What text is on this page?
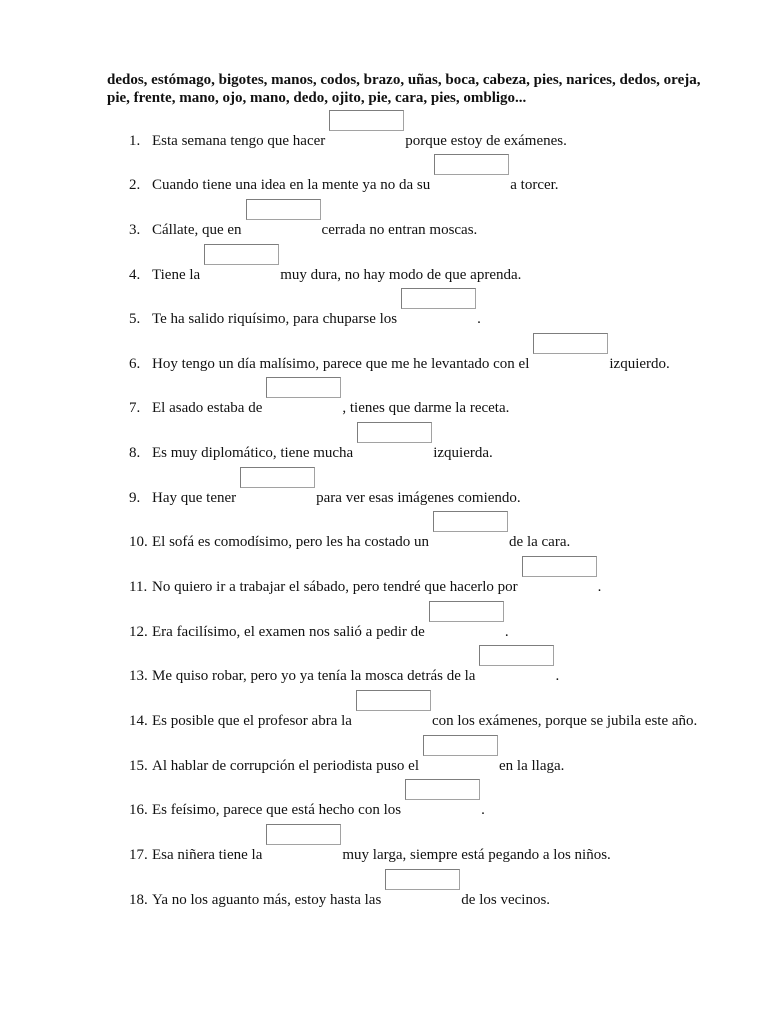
dedos, estómago, bigotes, manos, codos, brazo, uñas, boca, cabeza, pies, narices, dedos, oreja,
pie, frente, mano, ojo, mano, dedo, ojito, pie, cara, pies, ombligo...
1. Esta semana tengo que hacer	porque estoy de exámenes.
2. Cuando tiene una idea en la mente ya no da su	a torcer.
3. Cállate, que en	cerrada no entran moscas.
4. Tiene la	muy dura, no hay modo de que aprenda.
5. Te ha salido riquísimo, para chuparse los	.
6. Hoy tengo un día malísimo, parece que me he levantado con el	izquierdo.
7. El asado estaba de	, tienes que darme la receta.
8. Es muy diplomático, tiene mucha	izquierda.
9. Hay que tener	para ver esas imágenes comiendo.
10. El sofá es comodísimo, pero les ha costado un	de la cara.
11. No quiero ir a trabajar el sábado, pero tendré que hacerlo por	.
12. Era facilísimo, el examen nos salió a pedir de	.
13. Me quiso robar, pero yo ya tenía la mosca detrás de la	.
14. Es posible que el profesor abra la	con los exámenes, porque se jubila este año.
15. Al hablar de corrupción el periodista puso el	en la llaga.
16. Es feísimo, parece que está hecho con los	.
17. Esa niñera tiene la	muy larga, siempre está pegando a los niños.
18. Ya no los aguanto más, estoy hasta las	de los vecinos.
